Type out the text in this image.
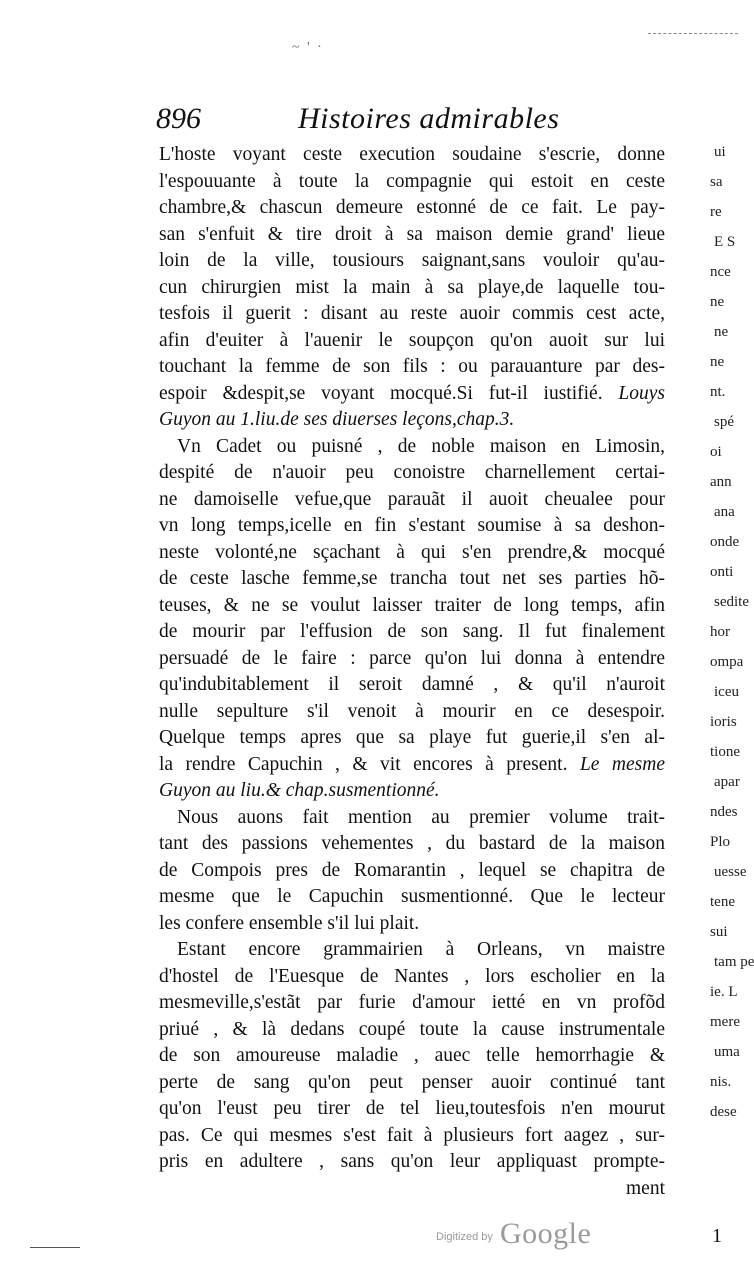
~ ' ·
896	Histoires admirables
L'hoste voyant ceste execution soudaine s'escrie, donne
l'espouuante à toute la compagnie qui estoit en ceste
chambre,& chascun demeure estonné de ce fait. Le pay-
san s'enfuit & tire droit à sa maison demie grand' lieue
loin de la ville, tousiours saignant,sans vouloir qu'au-
cun chirurgien mist la main à sa playe,de laquelle tou-
tesfois il guerit : disant au reste auoir commis cest acte,
afin d'euiter à l'auenir le soupçon qu'on auoit sur lui
touchant la femme de son fils : ou parauanture par des-
espoir &despit,se voyant mocqué.Si fut-il iustifié. Louys
Guyon au 1.liu.de ses diuerses leçons,chap.3.
Vn Cadet ou puisné , de noble maison en Limosin,
despité de n'auoir peu conoistre charnellement certai-
ne damoiselle vefue,que parauãt il auoit cheualee pour
vn long temps,icelle en fin s'estant soumise à sa deshon-
neste volonté,ne sçachant à qui s'en prendre,& mocqué
de ceste lasche femme,se trancha tout net ses parties hõ-
teuses, & ne se voulut laisser traiter de long temps, afin
de mourir par l'effusion de son sang. Il fut finalement
persuadé de le faire : parce qu'on lui donna à entendre
qu'indubitablement il seroit damné , & qu'il n'auroit
nulle sepulture s'il venoit à mourir en ce desespoir.
Quelque temps apres que sa playe fut guerie,il s'en al-
la rendre Capuchin , & vit encores à present. Le mesme
Guyon au liu.& chap.susmentionné.
Nous auons fait mention au premier volume trait-
tant des passions vehementes , du bastard de la maison
de Compois pres de Romarantin , lequel se chapitra de
mesme que le Capuchin susmentionné. Que le lecteur
les confere ensemble s'il lui plait.
Estant encore grammairien à Orleans, vn maistre
d'hostel de l'Euesque de Nantes , lors escholier en la
mesmeville,s'estãt par furie d'amour ietté en vn profõd
priué , & là dedans coupé toute la cause instrumentale
de son amoureuse maladie , auec telle hemorrhagie &
perte de sang qu'on peut penser auoir continué tant
qu'on l'eust peu tirer de tel lieu,toutesfois n'en mourut
pas. Ce qui mesmes s'est fait à plusieurs fort aagez , sur-
pris en adultere , sans qu'on leur appliquast prompte-
ment
ui
sa
re
E S
nce
ne
ne
ne
nt.
spé
oi
ann
ana
onde
onti
sedite
hor
ompa
iceu
ioris
tione
apar
ndes
Plo
uesse
tene
sui
tam pe
ie. L
mere
uma
nis.
dese
Digitized by Google	1
